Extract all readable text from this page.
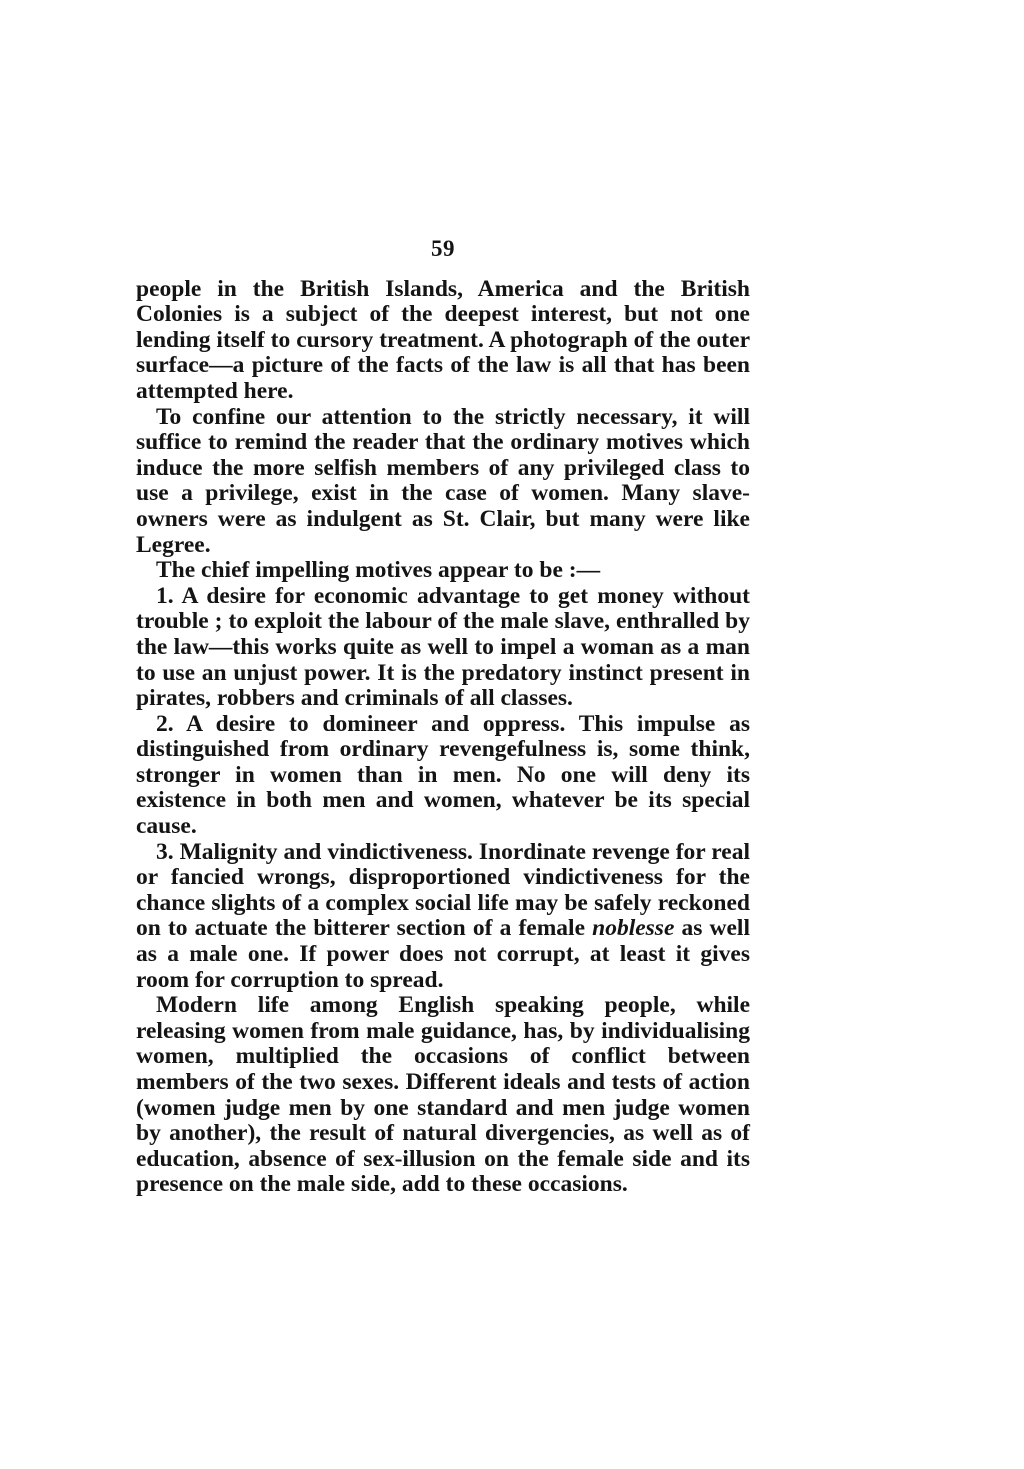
59

people in the British Islands, America and the British Colonies is a subject of the deepest interest, but not one lending itself to cursory treatment. A photograph of the outer surface—a picture of the facts of the law is all that has been attempted here.

To confine our attention to the strictly necessary, it will suffice to remind the reader that the ordinary motives which induce the more selfish members of any privileged class to use a privilege, exist in the case of women. Many slave-owners were as indulgent as St. Clair, but many were like Legree.

The chief impelling motives appear to be :—

1. A desire for economic advantage to get money without trouble ; to exploit the labour of the male slave, enthralled by the law—this works quite as well to impel a woman as a man to use an unjust power. It is the predatory instinct present in pirates, robbers and criminals of all classes.

2. A desire to domineer and oppress. This impulse as distinguished from ordinary revengefulness is, some think, stronger in women than in men. No one will deny its existence in both men and women, whatever be its special cause.

3. Malignity and vindictiveness. Inordinate revenge for real or fancied wrongs, disproportioned vindictiveness for the chance slights of a complex social life may be safely reckoned on to actuate the bitterer section of a female noblesse as well as a male one. If power does not corrupt, at least it gives room for corruption to spread.

Modern life among English speaking people, while releasing women from male guidance, has, by individualising women, multiplied the occasions of conflict between members of the two sexes. Different ideals and tests of action (women judge men by one standard and men judge women by another), the result of natural divergencies, as well as of education, absence of sex-illusion on the female side and its presence on the male side, add to these occasions.
